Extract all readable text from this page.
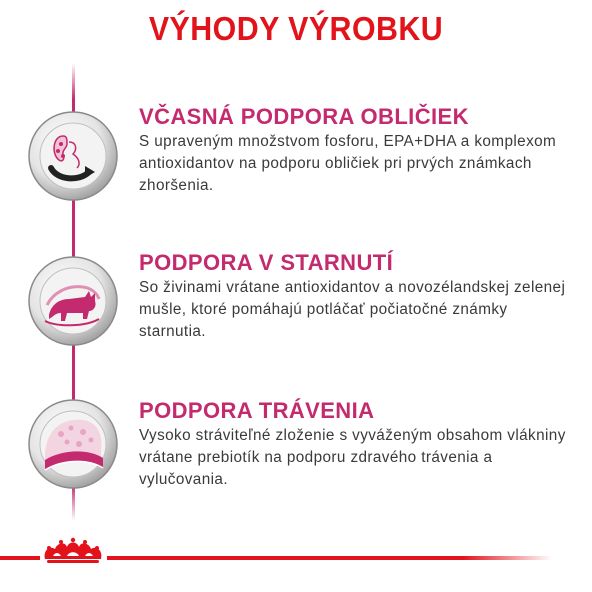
VÝHODY VÝROBKU
VČASNÁ PODPORA OBLIČIEK
S upraveným množstvom fosforu, EPA+DHA a komplexom antioxidantov na podporu obličiek pri prvých známkach zhoršenia.
PODPORA V STARNUTÍ
So živinami vrátane antioxidantov a novozélandskej zelenej mušle, ktoré pomáhajú potláčať počiatočné známky starnutia.
PODPORA TRÁVENIA
Vysoko stráviteľné zloženie s vyváženým obsahom vlákniny vrátane prebiotík na podporu zdravého trávenia a vylučovania.
